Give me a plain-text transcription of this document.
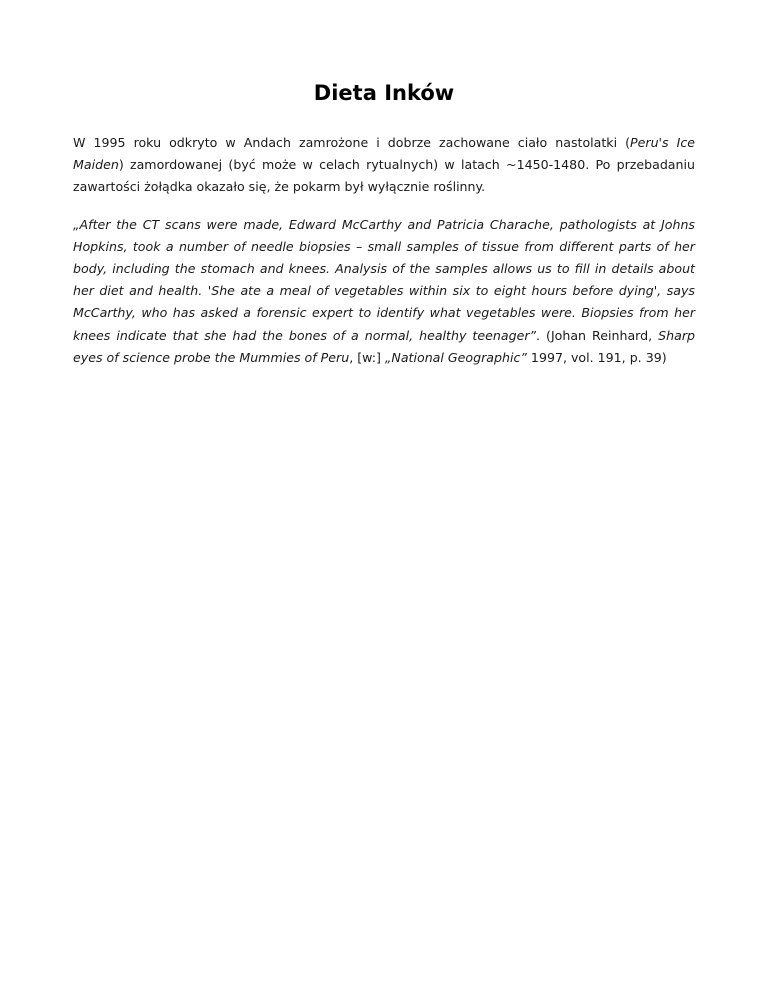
Dieta Inków

W 1995 roku odkryto w Andach zamrożone i dobrze zachowane ciało nastolatki (Peru's Ice Maiden) zamordowanej (być może w celach rytualnych) w latach ~1450-1480. Po przebadaniu zawartości żołądka okazało się, że pokarm był wyłącznie roślinny.

„After the CT scans were made, Edward McCarthy and Patricia Charache, pathologists at Johns Hopkins, took a number of needle biopsies – small samples of tissue from different parts of her body, including the stomach and knees. Analysis of the samples allows us to fill in details about her diet and health. 'She ate a meal of vegetables within six to eight hours before dying', says McCarthy, who has asked a forensic expert to identify what vegetables were. Biopsies from her knees indicate that she had the bones of a normal, healthy teenager”. (Johan Reinhard, Sharp eyes of science probe the Mummies of Peru, [w:] „National Geographic” 1997, vol. 191, p. 39)
